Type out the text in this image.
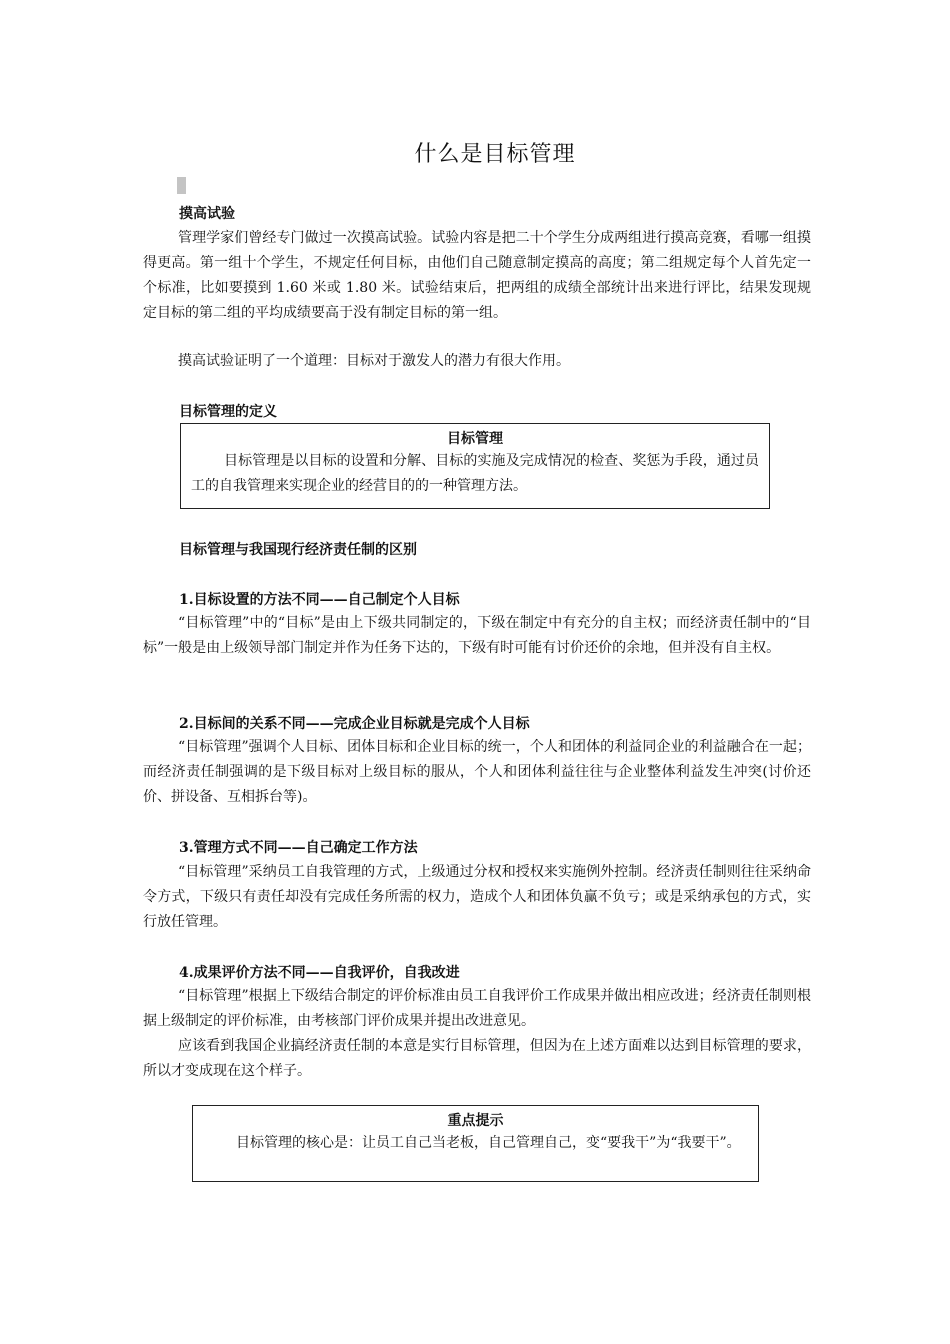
什么是目标管理
摸高试验

管理学家们曾经专门做过一次摸高试验。试验内容是把二十个学生分成两组进行摸高竞赛，看哪一组摸得更高。第一组十个学生，不规定任何目标，由他们自己随意制定摸高的高度；第二组规定每个人首先定一个标准，比如要摸到 1.60 米或 1.80 米。试验结束后，把两组的成绩全部统计出来进行评比，结果发现规定目标的第二组的平均成绩要高于没有制定目标的第一组。

摸高试验证明了一个道理：目标对于激发人的潜力有很大作用。

目标管理的定义
目标管理

目标管理是以目标的设置和分解、目标的实施及完成情况的检查、奖惩为手段，通过员工的自我管理来实现企业的经营目的的一种管理方法。

目标管理与我国现行经济责任制的区别
1.目标设置的方法不同——自己制定个人目标

“目标管理”中的“目标”是由上下级共同制定的，下级在制定中有充分的自主权；而经济责任制中的“目标”一般是由上级领导部门制定并作为任务下达的，下级有时可能有讨价还价的余地，但并没有自主权。

2.目标间的关系不同——完成企业目标就是完成个人目标

“目标管理”强调个人目标、团体目标和企业目标的统一，个人和团体的利益同企业的利益融合在一起；而经济责任制强调的是下级目标对上级目标的服从，个人和团体利益往往与企业整体利益发生冲突(讨价还价、拼设备、互相拆台等)。

3.管理方式不同——自己确定工作方法

“目标管理”采纳员工自我管理的方式，上级通过分权和授权来实施例外控制。经济责任制则往往采纳命令方式，下级只有责任却没有完成任务所需的权力，造成个人和团体负赢不负亏；或是采纳承包的方式，实行放任管理。

4.成果评价方法不同——自我评价，自我改进

“目标管理”根据上下级结合制定的评价标准由员工自我评价工作成果并做出相应改进；经济责任制则根据上级制定的评价标准，由考核部门评价成果并提出改进意见。

应该看到我国企业搞经济责任制的本意是实行目标管理，但因为在上述方面难以达到目标管理的要求，所以才变成现在这个样子。

重点提示

目标管理的核心是：让员工自己当老板，自己管理自己，变“要我干”为“我要干”。
